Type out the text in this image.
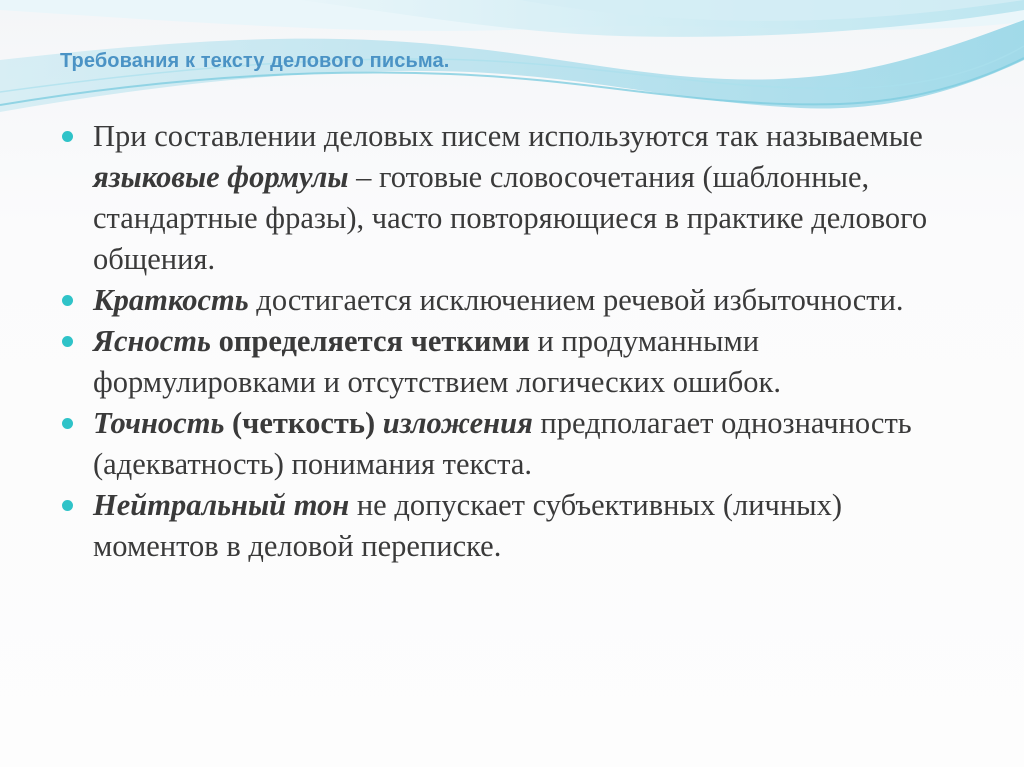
Требования к тексту делового письма.
При составлении деловых писем используются так называемые языковые формулы – готовые словосочетания (шаблонные, стандартные фразы), часто повторяющиеся в практике делового общения.
Краткость достигается исключением речевой избыточности.
Ясность определяется четкими и продуманными формулировками и отсутствием логических ошибок.
Точность (четкость) изложения предполагает однозначность (адекватность) понимания текста.
Нейтральный тон не допускает субъективных (личных) моментов в деловой переписке.
